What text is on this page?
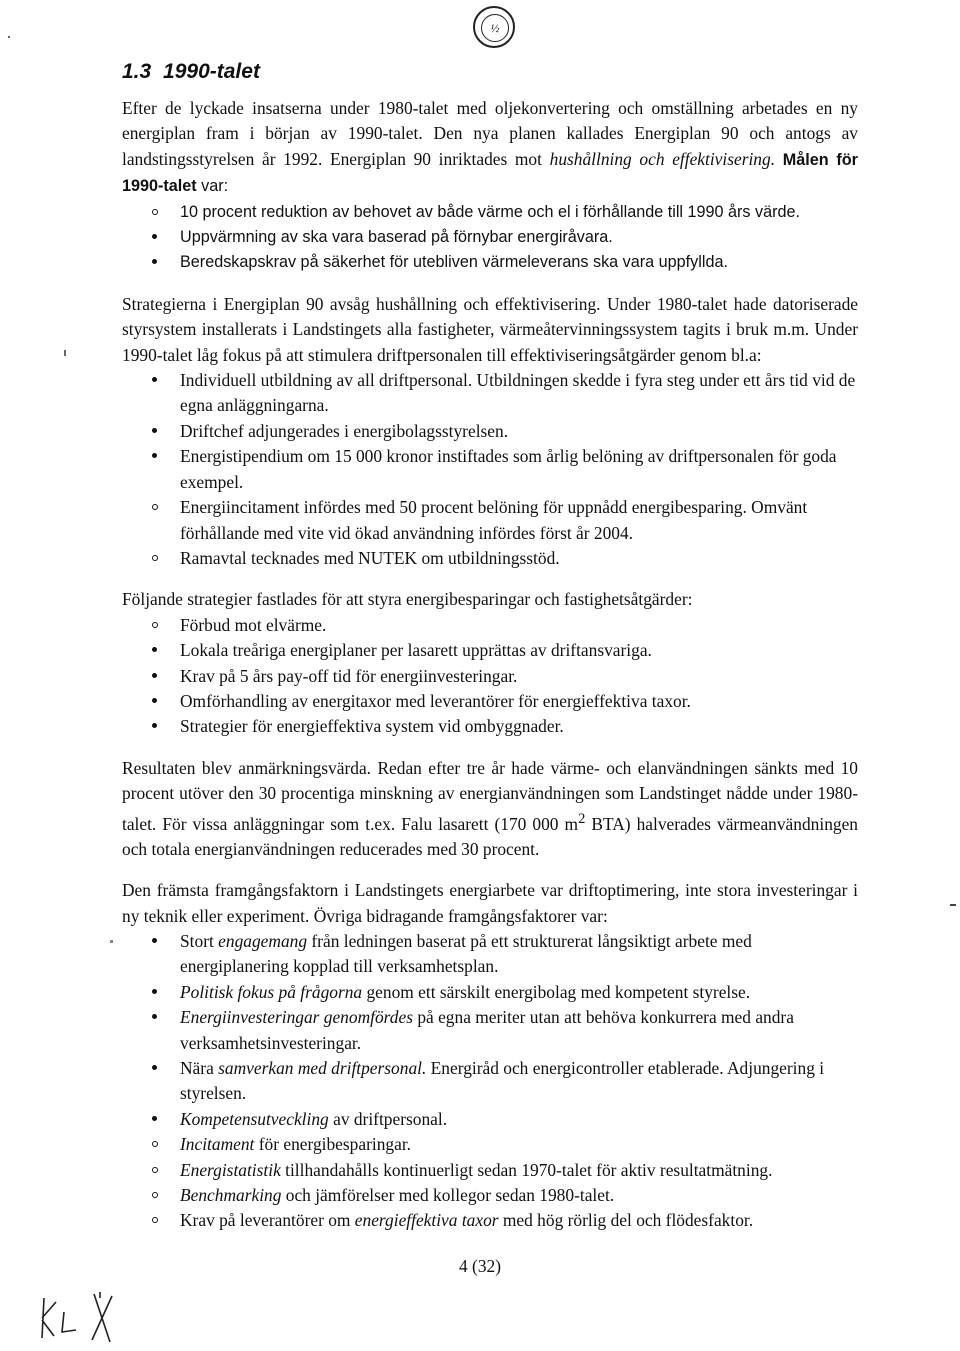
½
1.3 1990-talet

Efter de lyckade insatserna under 1980-talet med oljekonvertering och omställning arbetades en ny energiplan fram i början av 1990-talet. Den nya planen kallades Energiplan 90 och antogs av landstingsstyrelsen år 1992. Energiplan 90 inriktades mot hushållning och effektivisering. Målen för 1990-talet var:

10 procent reduktion av behovet av både värme och el i förhållande till 1990 års värde.
Uppvärmning av ska vara baserad på förnybar energiråvara.
Beredskapskrav på säkerhet för utebliven värmeleverans ska vara uppfyllda.

Strategierna i Energiplan 90 avsåg hushållning och effektivisering. Under 1980-talet hade datoriserade styrsystem installerats i Landstingets alla fastigheter, värmeåtervinningssystem tagits i bruk m.m. Under 1990-talet låg fokus på att stimulera driftpersonalen till effektiviseringsåtgärder genom bl.a:

Individuell utbildning av all driftpersonal. Utbildningen skedde i fyra steg under ett års tid vid de egna anläggningarna.
Driftchef adjungerades i energibolagsstyrelsen.
Energistipendium om 15 000 kronor instiftades som årlig belöning av driftpersonalen för goda exempel.
Energiincitament infördes med 50 procent belöning för uppnådd energibesparing. Omvänt förhållande med vite vid ökad användning infördes först år 2004.
Ramavtal tecknades med NUTEK om utbildningsstöd.

Följande strategier fastlades för att styra energibesparingar och fastighetsåtgärder:

Förbud mot elvärme.
Lokala treåriga energiplaner per lasarett upprättas av driftansvariga.
Krav på 5 års pay-off tid för energiinvesteringar.
Omförhandling av energitaxor med leverantörer för energieffektiva taxor.
Strategier för energieffektiva system vid ombyggnader.

Resultaten blev anmärkningsvärda. Redan efter tre år hade värme- och elanvändningen sänkts med 10 procent utöver den 30 procentiga minskning av energianvändningen som Landstinget nådde under 1980-talet. För vissa anläggningar som t.ex. Falu lasarett (170 000 $m^2$ BTA) halverades värmeanvändningen och totala energianvändningen reducerades med 30 procent.

Den främsta framgångsfaktorn i Landstingets energiarbete var driftoptimering, inte stora investeringar i ny teknik eller experiment. Övriga bidragande framgångsfaktorer var:

Stort engagemang från ledningen baserat på ett strukturerat långsiktigt arbete med energiplanering kopplad till verksamhetsplan.
Politisk fokus på frågorna genom ett särskilt energibolag med kompetent styrelse.
Energiinvesteringar genomfördes på egna meriter utan att behöva konkurrera med andra verksamhetsinvesteringar.
Nära samverkan med driftpersonal. Energiråd och energicontroller etablerade. Adjungering i styrelsen.
Kompetensutveckling av driftpersonal.
Incitament för energibesparingar.
Energistatistik tillhandahålls kontinuerligt sedan 1970-talet för aktiv resultatmätning.
Benchmarking och jämförelser med kollegor sedan 1980-talet.
Krav på leverantörer om energieffektiva taxor med hög rörlig del och flödesfaktor.
4 (32)
